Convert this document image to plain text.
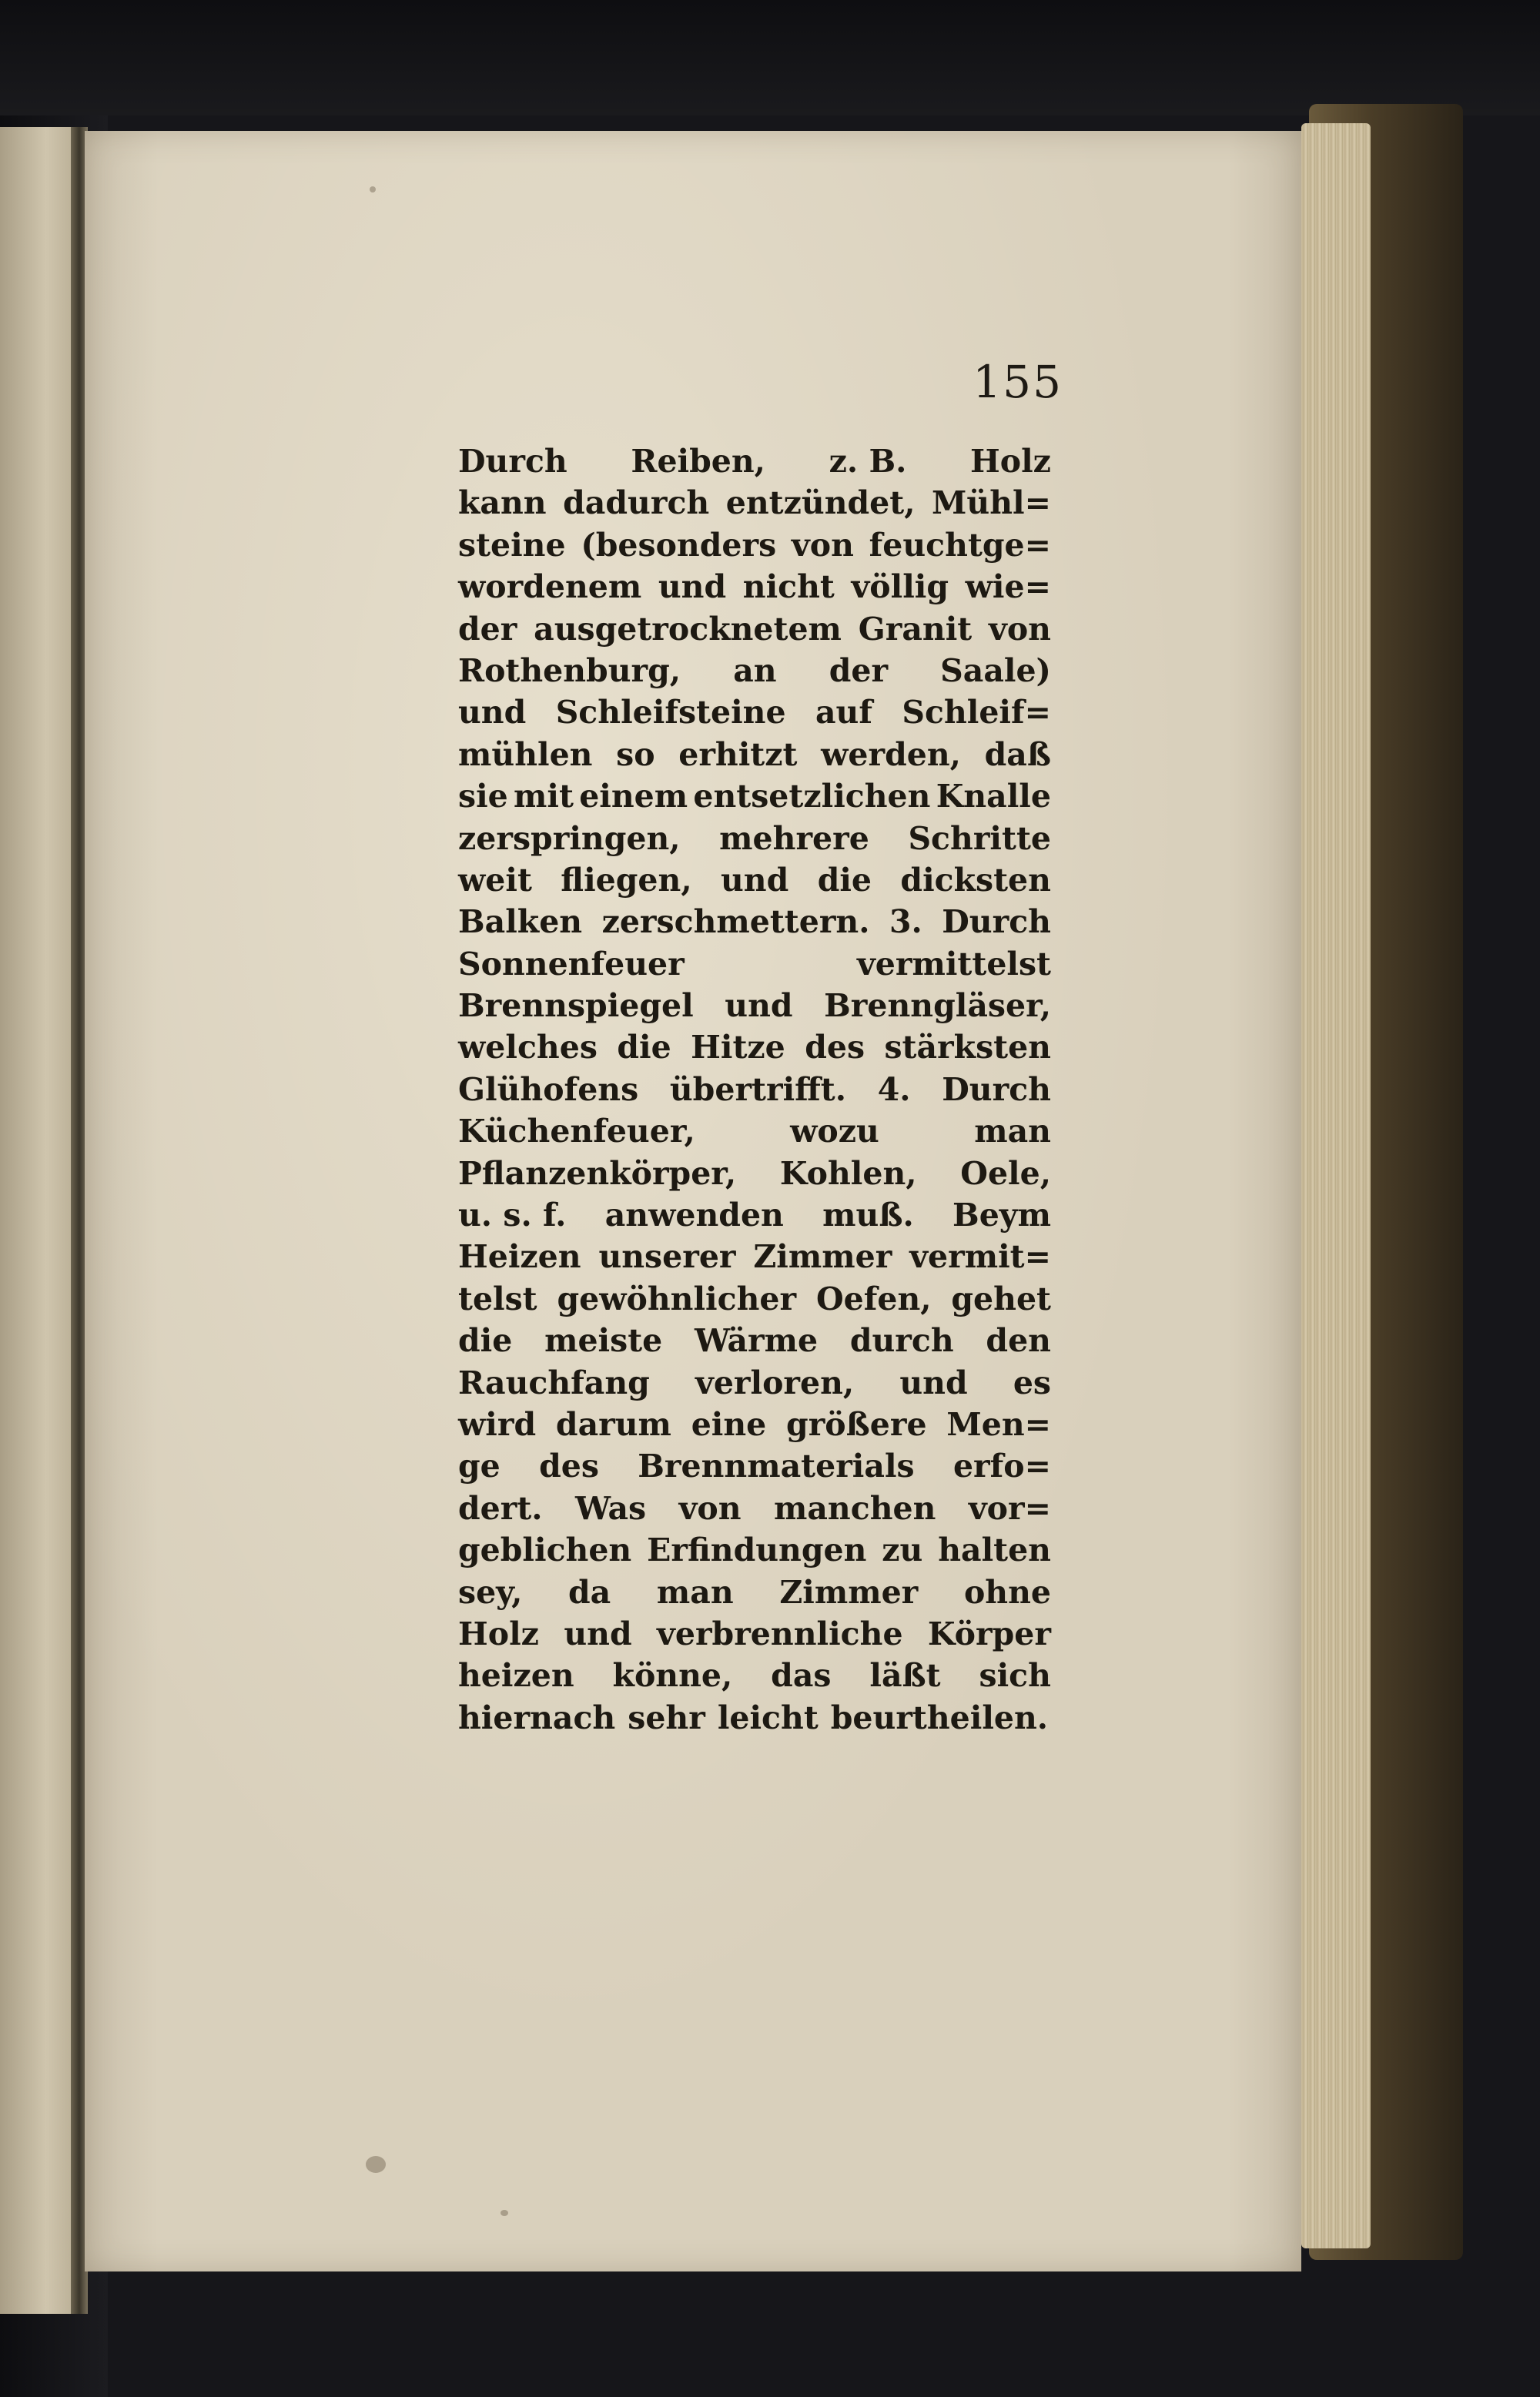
155
Durch Reiben, z. B. Holz
kann dadurch entzündet, Mühl=
steine (besonders von feuchtge=
wordenem und nicht völlig wie=
der ausgetrocknetem Granit von
Rothenburg, an der Saale)
und Schleifsteine auf Schleif=
mühlen so erhitzt werden, daß
sie mit einem entsetzlichen Knalle
zerspringen, mehrere Schritte
weit fliegen, und die dicksten
Balken zerschmettern. 3. Durch
Sonnenfeuer	vermittelst
Brennspiegel und Brenngläser,
welches die Hitze des stärksten
Glühofens übertrifft. 4. Durch
Küchenfeuer,	wozu	man
Pflanzenkörper, Kohlen, Oele,
u. s. f. anwenden muß. Beym
Heizen unserer Zimmer vermit=
telst gewöhnlicher Oefen, gehet
die meiste Wärme durch den
Rauchfang verloren, und es
wird darum eine größere Men=
ge des Brennmaterials erfo=
dert. Was von manchen vor=
geblichen Erfindungen zu halten
sey, da man Zimmer ohne
Holz und verbrennliche Körper
heizen könne, das läßt sich
hiernach sehr leicht beurtheilen.
